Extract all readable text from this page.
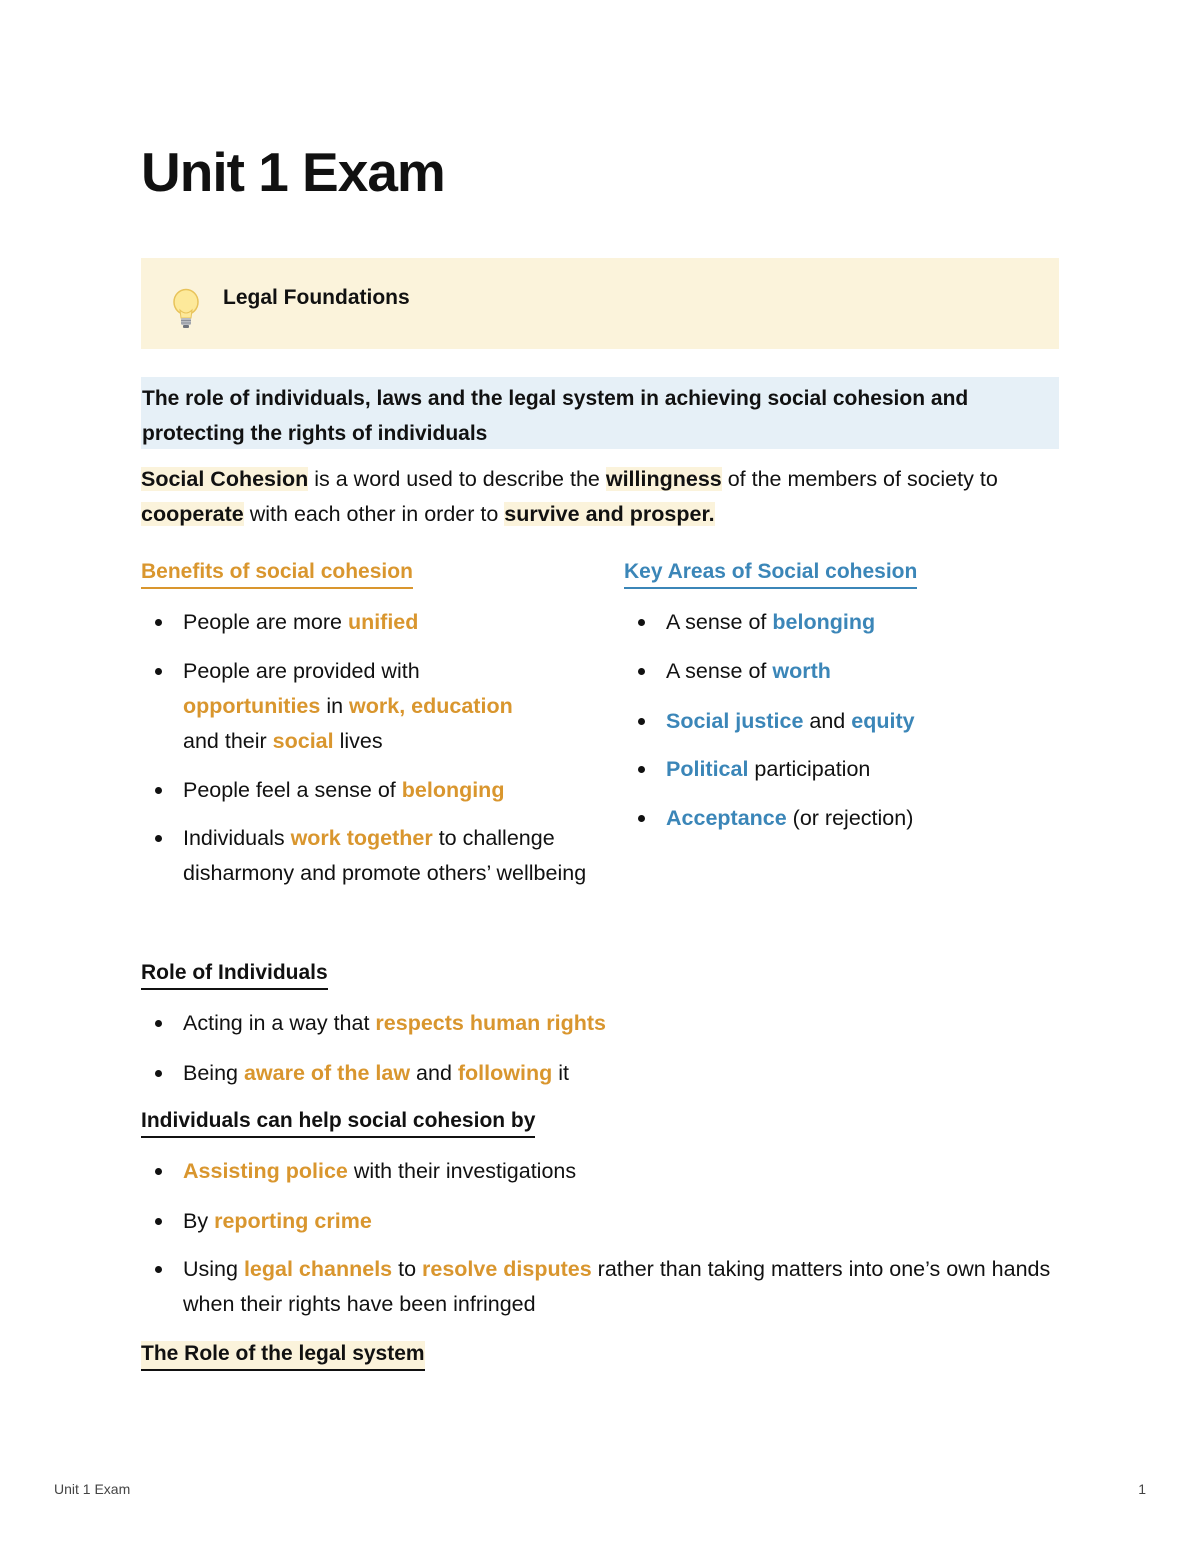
Unit 1 Exam
Legal Foundations
The role of individuals, laws and the legal system in achieving social cohesion and protecting the rights of individuals
Social Cohesion is a word used to describe the willingness of the members of society to cooperate with each other in order to survive and prosper.
Benefits of social cohesion
People are more unified
People are provided with
opportunities in work, education
and their social lives
People feel a sense of belonging
Individuals work together to challenge disharmony and promote others’ wellbeing
Key Areas of Social cohesion
A sense of belonging
A sense of worth
Social justice and equity
Political participation
Acceptance (or rejection)
Role of Individuals
Acting in a way that respects human rights
Being aware of the law and following it
Individuals can help social cohesion by
Assisting police with their investigations
By reporting crime
Using legal channels to resolve disputes rather than taking matters into one’s own hands when their rights have been infringed
The Role of the legal system
Unit 1 Exam	1
